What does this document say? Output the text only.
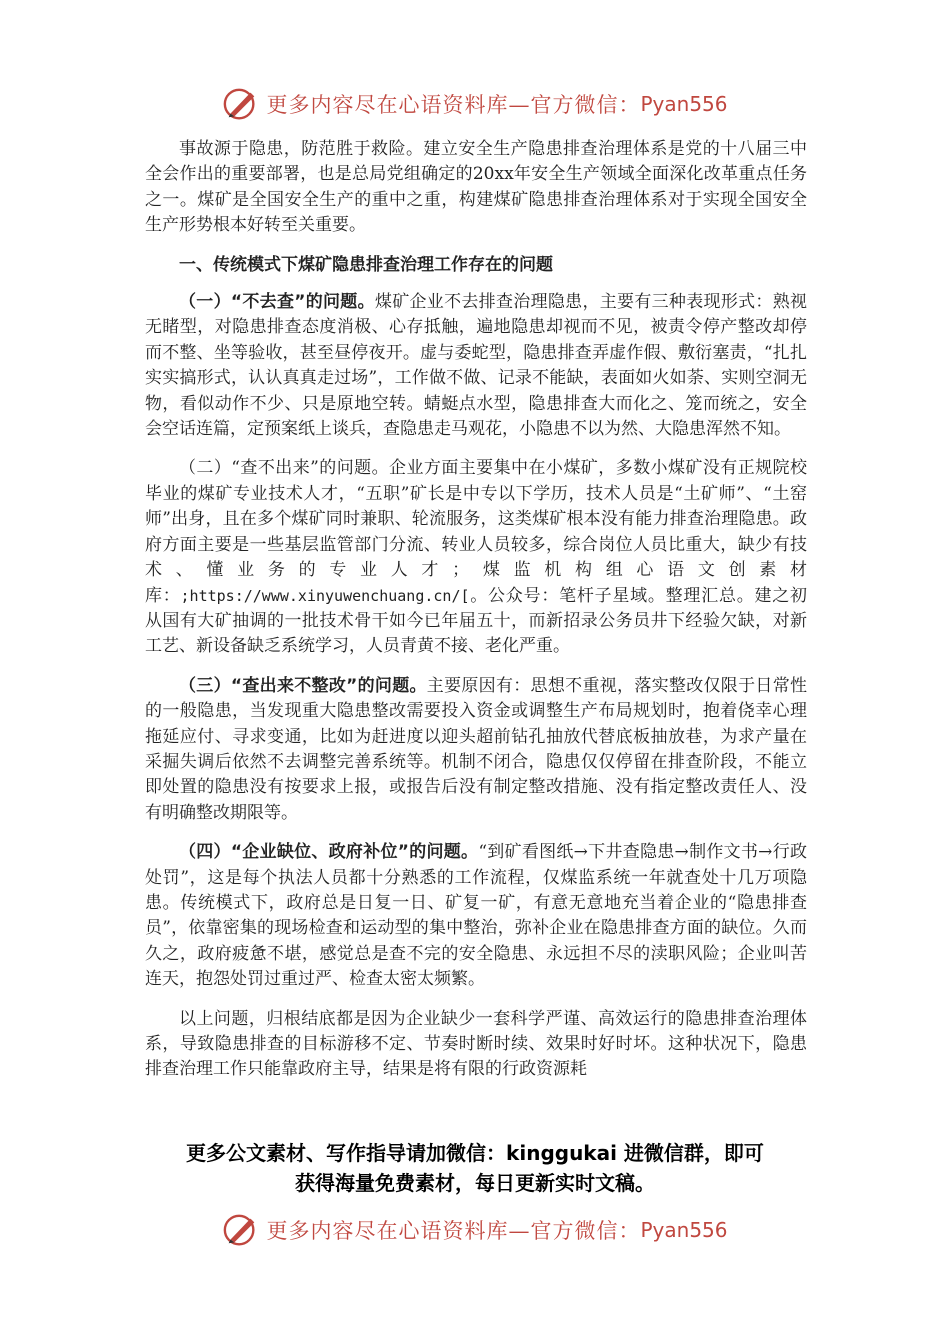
更多内容尽在心语资料库—官方微信： Pyan556

事故源于隐患，防范胜于救险。建立安全生产隐患排查治理体系是党的十八届三中全会作出的重要部署，也是总局党组确定的20xx年安全生产领域全面深化改革重点任务之一。煤矿是全国安全生产的重中之重，构建煤矿隐患排查治理体系对于实现全国安全生产形势根本好转至关重要。

一、传统模式下煤矿隐患排查治理工作存在的问题

（一）“不去查”的问题。煤矿企业不去排查治理隐患，主要有三种表现形式：熟视无睹型，对隐患排查态度消极、心存抵触，遍地隐患却视而不见，被责令停产整改却停而不整、坐等验收，甚至昼停夜开。虚与委蛇型，隐患排查弄虚作假、敷衍塞责，“扎扎实实搞形式，认认真真走过场”，工作做不做、记录不能缺，表面如火如荼、实则空洞无物，看似动作不少、只是原地空转。蜻蜓点水型，隐患排查大而化之、笼而统之，安全会空话连篇，定预案纸上谈兵，查隐患走马观花，小隐患不以为然、大隐患浑然不知。

（二）“查不出来”的问题。企业方面主要集中在小煤矿，多数小煤矿没有正规院校毕业的煤矿专业技术人才，“五职”矿长是中专以下学历，技术人员是“土矿师”、“土窑师”出身，且在多个煤矿同时兼职、轮流服务，这类煤矿根本没有能力排查治理隐患。政府方面主要是一些基层监管部门分流、转业人员较多，综合岗位人员比重大，缺少有技术、懂业务的专业人才；煤监机构组心语文创素材库：;https://www.xinyuwenchuang.cn/[。公众号：笔杆子星域。整理汇总。建之初从国有大矿抽调的一批技术骨干如今已年届五十，而新招录公务员井下经验欠缺，对新工艺、新设备缺乏系统学习，人员青黄不接、老化严重。

（三）“查出来不整改”的问题。主要原因有：思想不重视，落实整改仅限于日常性的一般隐患，当发现重大隐患整改需要投入资金或调整生产布局规划时，抱着侥幸心理拖延应付、寻求变通，比如为赶进度以迎头超前钻孔抽放代替底板抽放巷，为求产量在采掘失调后依然不去调整完善系统等。机制不闭合，隐患仅仅停留在排查阶段，不能立即处置的隐患没有按要求上报，或报告后没有制定整改措施、没有指定整改责任人、没有明确整改期限等。

（四）“企业缺位、政府补位”的问题。“到矿看图纸→下井查隐患→制作文书→行政处罚”，这是每个执法人员都十分熟悉的工作流程，仅煤监系统一年就查处十几万项隐患。传统模式下，政府总是日复一日、矿复一矿，有意无意地充当着企业的“隐患排查员”，依靠密集的现场检查和运动型的集中整治，弥补企业在隐患排查方面的缺位。久而久之，政府疲惫不堪，感觉总是查不完的安全隐患、永远担不尽的渎职风险；企业叫苦连天，抱怨处罚过重过严、检查太密太频繁。

以上问题，归根结底都是因为企业缺少一套科学严谨、高效运行的隐患排查治理体系，导致隐患排查的目标游移不定、节奏时断时续、效果时好时坏。这种状况下，隐患排查治理工作只能靠政府主导，结果是将有限的行政资源耗

更多公文素材、写作指导请加微信：kinggukai 进微信群，即可
获得海量免费素材，每日更新实时文稿。
更多内容尽在心语资料库—官方微信： Pyan556
